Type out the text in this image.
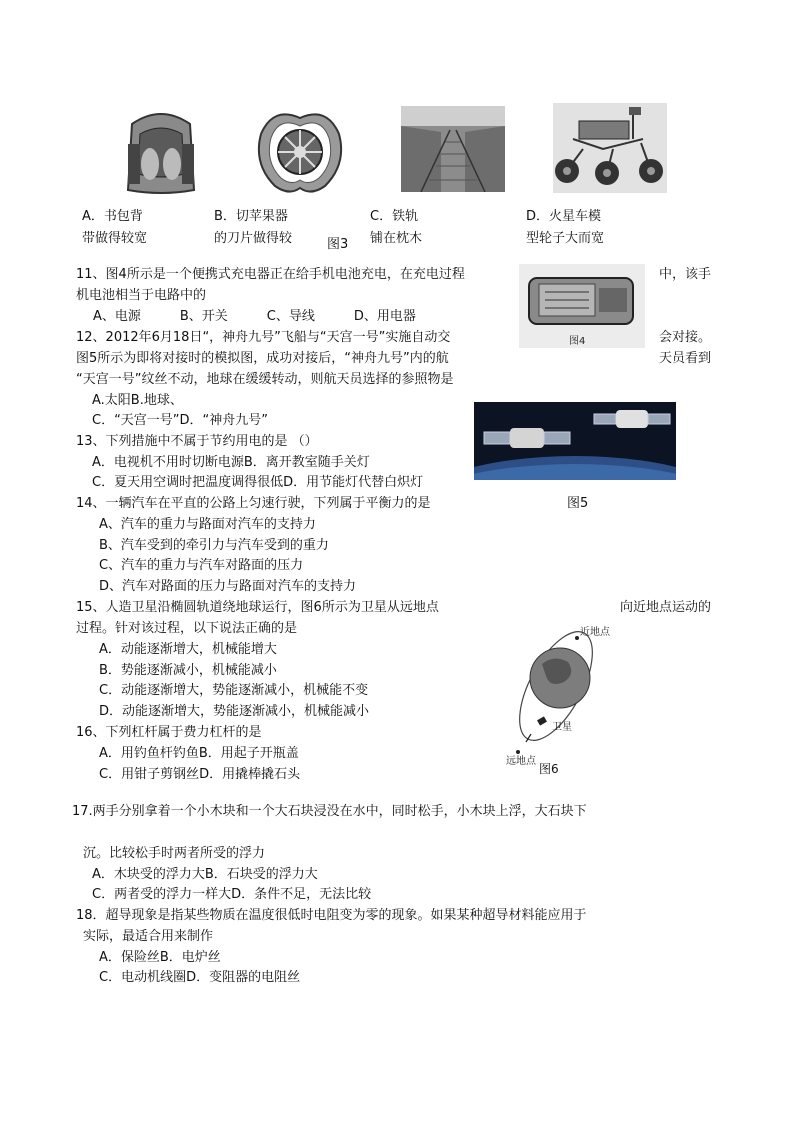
A．书包背
带做得较宽
B．切苹果器
的刀片做得较	图3
C．铁轨
铺在枕木
D．火星车模
型轮子大而宽
图4
11、图4所示是一个便携式充电器正在给手机电池充电，在充电过程	中，该手
机电池相当于电路中的
A、电源　　　B、开关　　　C、导线　　　D、用电器
12、2012年6月18日“，神舟九号”飞船与“天宫一号”实施自动交	会对接。
图5所示为即将对接时的模拟图，成功对接后，“神舟九号”内的航	天员看到
“天宫一号”纹丝不动，地球在缓缓转动，则航天员选择的参照物是
A.太阳B.地球、
C．“天宫一号”D．“神舟九号”
图5
13、下列措施中不属于节约用电的是 （）
A．电视机不用时切断电源B．离开教室随手关灯
C．夏天用空调时把温度调得很低D．用节能灯代替白炽灯
14、一辆汽车在平直的公路上匀速行驶，下列属于平衡力的是
A、汽车的重力与路面对汽车的支持力
B、汽车受到的牵引力与汽车受到的重力
C、汽车的重力与汽车对路面的压力
D、汽车对路面的压力与路面对汽车的支持力
15、人造卫星沿椭圆轨道绕地球运行，图6所示为卫星从远地点	向近地点运动的
过程。针对该过程，以下说法正确的是
A．动能逐渐增大，机械能增大
B．势能逐渐减小，机械能减小
C．动能逐渐增大，势能逐渐减小，机械能不变
D．动能逐渐增大，势能逐渐减小，机械能减小
近地点
卫星
远地点
图6
16、下列杠杆属于费力杠杆的是
A．用钓鱼杆钓鱼B．用起子开瓶盖
C．用钳子剪钢丝D．用撬棒撬石头
17.两手分别拿着一个小木块和一个大石块浸没在水中，同时松手，小木块上浮，大石块下
沉。比较松手时两者所受的浮力
A．木块受的浮力大B．石块受的浮力大
C．两者受的浮力一样大D．条件不足，无法比较
18．超导现象是指某些物质在温度很低时电阻变为零的现象。如果某种超导材料能应用于
实际，最适合用来制作
A．保险丝B．电炉丝
C．电动机线圈D．变阻器的电阻丝
